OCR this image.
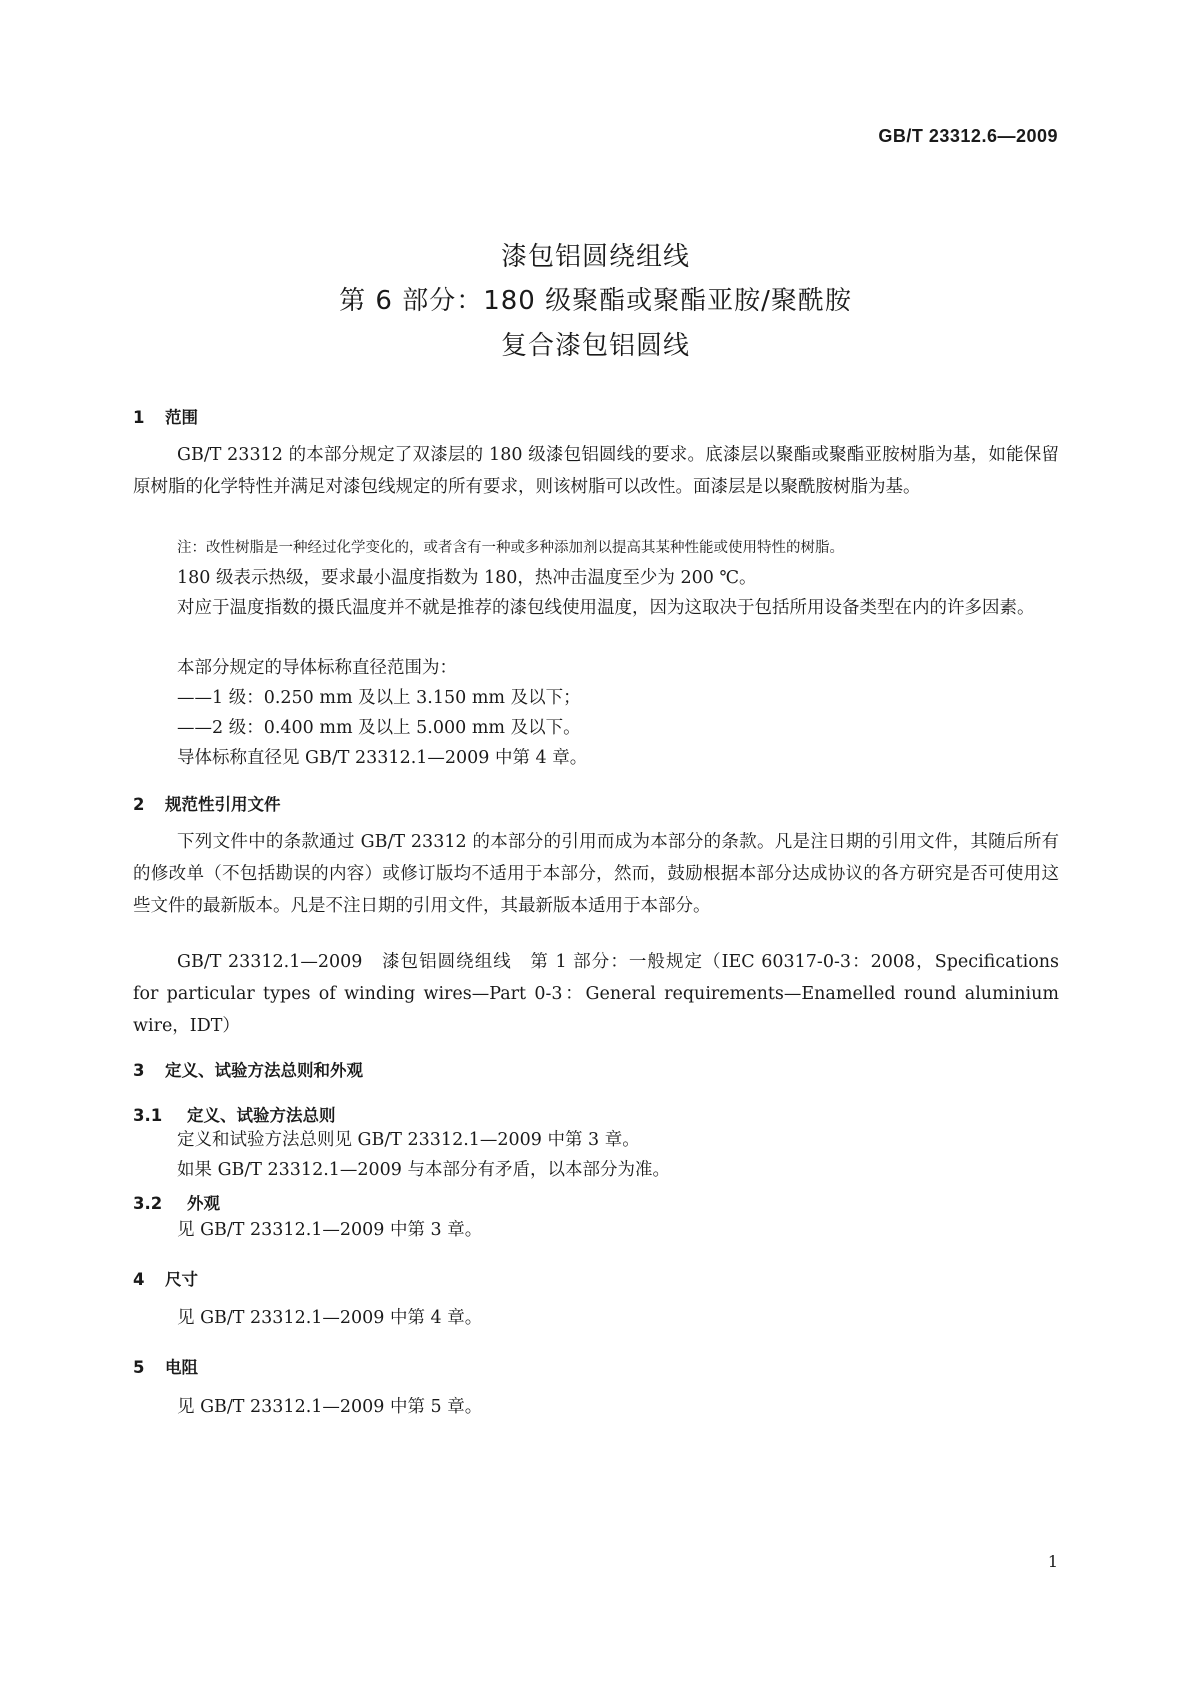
GB/T 23312.6—2009
漆包铝圆绕组线
第 6 部分：180 级聚酯或聚酯亚胺/聚酰胺
复合漆包铝圆线
1 范围
GB/T 23312 的本部分规定了双漆层的 180 级漆包铝圆线的要求。底漆层以聚酯或聚酯亚胺树脂为基，如能保留原树脂的化学特性并满足对漆包线规定的所有要求，则该树脂可以改性。面漆层是以聚酰胺树脂为基。
注：改性树脂是一种经过化学变化的，或者含有一种或多种添加剂以提高其某种性能或使用特性的树脂。
180 级表示热级，要求最小温度指数为 180，热冲击温度至少为 200 ℃。
对应于温度指数的摄氏温度并不就是推荐的漆包线使用温度，因为这取决于包括所用设备类型在内的许多因素。
本部分规定的导体标称直径范围为：
——1 级：0.250 mm 及以上 3.150 mm 及以下；
——2 级：0.400 mm 及以上 5.000 mm 及以下。
导体标称直径见 GB/T 23312.1—2009 中第 4 章。
2 规范性引用文件
下列文件中的条款通过 GB/T 23312 的本部分的引用而成为本部分的条款。凡是注日期的引用文件，其随后所有的修改单（不包括勘误的内容）或修订版均不适用于本部分，然而，鼓励根据本部分达成协议的各方研究是否可使用这些文件的最新版本。凡是不注日期的引用文件，其最新版本适用于本部分。
GB/T 23312.1—2009　漆包铝圆绕组线　第 1 部分：一般规定（IEC 60317-0-3：2008，Specifications for particular types of winding wires—Part 0-3：General requirements—Enamelled round aluminium wire，IDT）
3 定义、试验方法总则和外观
3.1 定义、试验方法总则
定义和试验方法总则见 GB/T 23312.1—2009 中第 3 章。
如果 GB/T 23312.1—2009 与本部分有矛盾，以本部分为准。
3.2 外观
见 GB/T 23312.1—2009 中第 3 章。
4 尺寸
见 GB/T 23312.1—2009 中第 4 章。
5 电阻
见 GB/T 23312.1—2009 中第 5 章。
1
